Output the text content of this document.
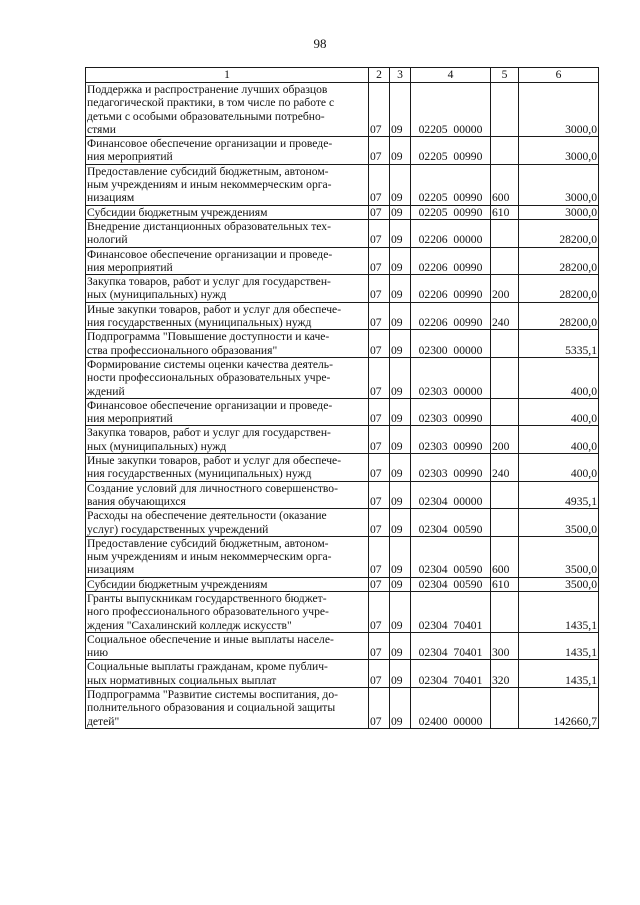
98
1	2	3	4	5	6
Поддержка и распространение лучших образцов
педагогической практики, в том числе по работе с
детьми с особыми образовательными потребно-
стями	07	09	02205  00000		3000,0
Финансовое обеспечение организации и проведе-
ния мероприятий	07	09	02205  00990		3000,0
Предоставление субсидий бюджетным, автоном-
ным учреждениям и иным некоммерческим орга-
низациям	07	09	02205  00990	600	3000,0
Субсидии бюджетным учреждениям	07	09	02205  00990	610	3000,0
Внедрение дистанционных образовательных тех-
нологий	07	09	02206  00000		28200,0
Финансовое обеспечение организации и проведе-
ния мероприятий	07	09	02206  00990		28200,0
Закупка товаров, работ и услуг для государствен-
ных (муниципальных) нужд	07	09	02206  00990	200	28200,0
Иные закупки товаров, работ и услуг для обеспече-
ния государственных (муниципальных) нужд	07	09	02206  00990	240	28200,0
Подпрограмма "Повышение доступности и каче-
ства профессионального образования"	07	09	02300  00000		5335,1
Формирование системы оценки качества деятель-
ности профессиональных образовательных учре-
ждений	07	09	02303  00000		400,0
Финансовое обеспечение организации и проведе-
ния мероприятий	07	09	02303  00990		400,0
Закупка товаров, работ и услуг для государствен-
ных (муниципальных) нужд	07	09	02303  00990	200	400,0
Иные закупки товаров, работ и услуг для обеспече-
ния государственных (муниципальных) нужд	07	09	02303  00990	240	400,0
Создание условий для личностного совершенство-
вания обучающихся	07	09	02304  00000		4935,1
Расходы на обеспечение деятельности (оказание
услуг) государственных учреждений	07	09	02304  00590		3500,0
Предоставление субсидий бюджетным, автоном-
ным учреждениям и иным некоммерческим орга-
низациям	07	09	02304  00590	600	3500,0
Субсидии бюджетным учреждениям	07	09	02304  00590	610	3500,0
Гранты выпускникам государственного бюджет-
ного профессионального образовательного учре-
ждения "Сахалинский колледж искусств"	07	09	02304  70401		1435,1
Социальное обеспечение и иные выплаты населе-
нию	07	09	02304  70401	300	1435,1
Социальные выплаты гражданам, кроме публич-
ных нормативных социальных выплат	07	09	02304  70401	320	1435,1
Подпрограмма "Развитие системы воспитания, до-
полнительного образования и социальной защиты
детей"	07	09	02400  00000		142660,7
